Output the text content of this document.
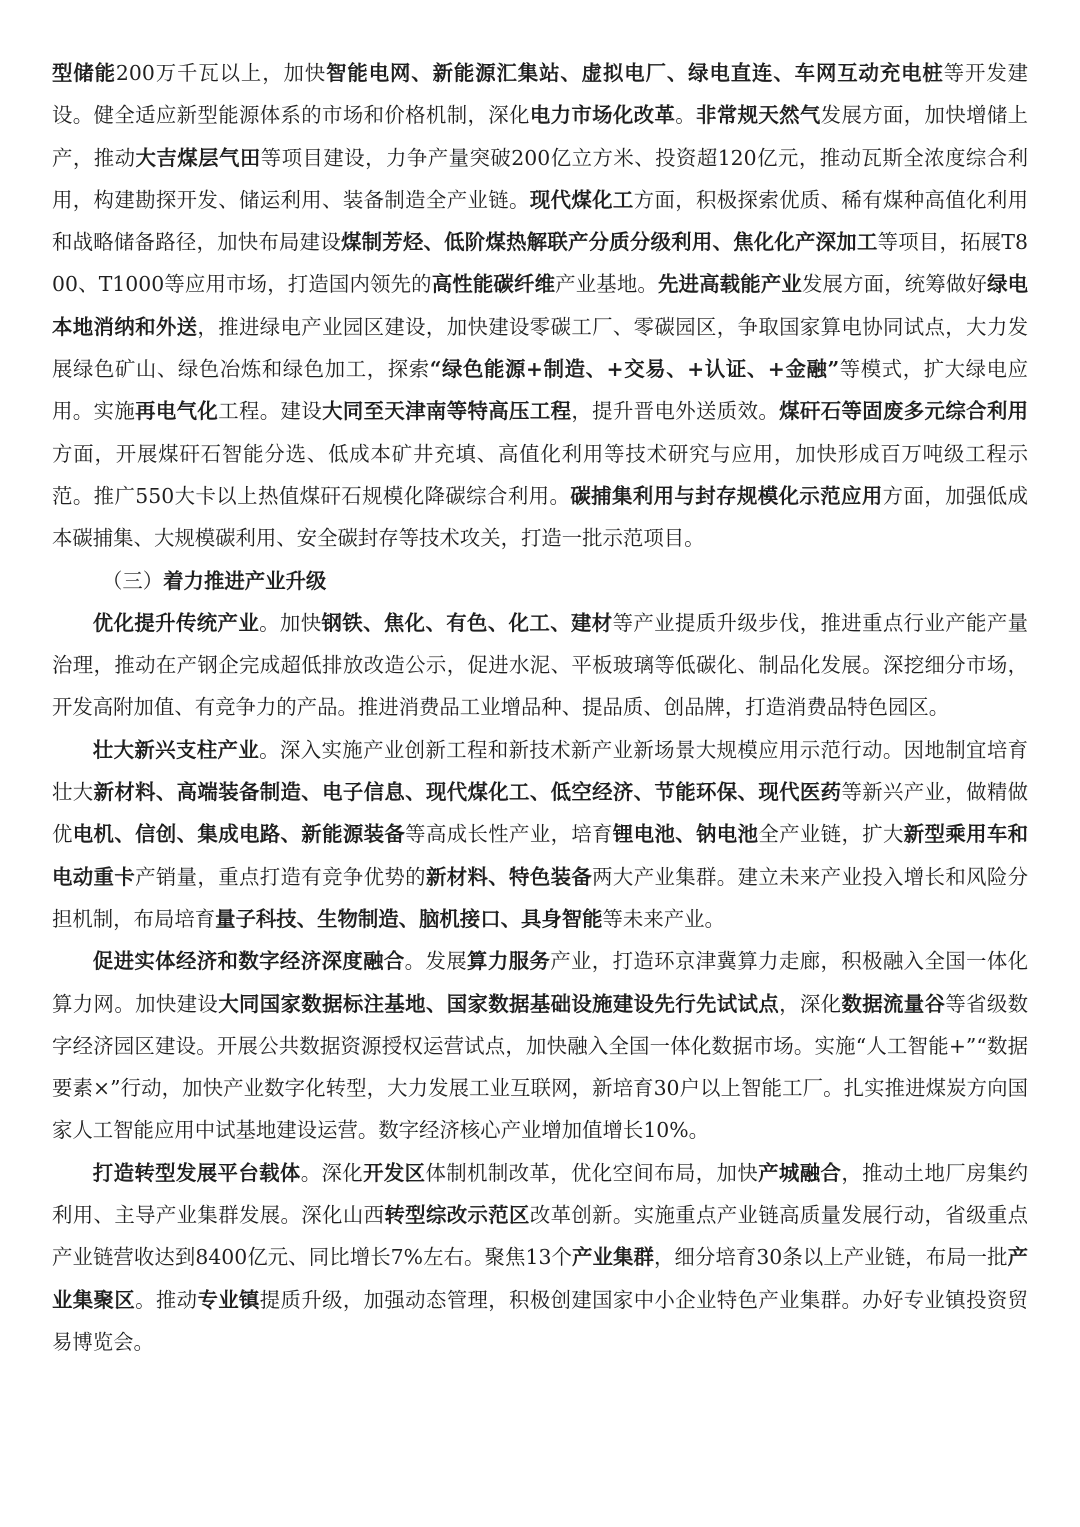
型储能200万千瓦以上，加快智能电网、新能源汇集站、虚拟电厂、绿电直连、车网互动充电桩等开发建设。健全适应新型能源体系的市场和价格机制，深化电力市场化改革。非常规天然气发展方面，加快增储上产，推动大吉煤层气田等项目建设，力争产量突破200亿立方米、投资超120亿元，推动瓦斯全浓度综合利用，构建勘探开发、储运利用、装备制造全产业链。现代煤化工方面，积极探索优质、稀有煤种高值化利用和战略储备路径，加快布局建设煤制芳烃、低阶煤热解联产分质分级利用、焦化化产深加工等项目，拓展T800、T1000等应用市场，打造国内领先的高性能碳纤维产业基地。先进高载能产业发展方面，统筹做好绿电本地消纳和外送，推进绿电产业园区建设，加快建设零碳工厂、零碳园区，争取国家算电协同试点，大力发展绿色矿山、绿色冶炼和绿色加工，探索“绿色能源+制造、+交易、+认证、+金融”等模式，扩大绿电应用。实施再电气化工程。建设大同至天津南等特高压工程，提升晋电外送质效。煤矸石等固废多元综合利用方面，开展煤矸石智能分选、低成本矿井充填、高值化利用等技术研究与应用，加快形成百万吨级工程示范。推广550大卡以上热值煤矸石规模化降碳综合利用。碳捕集利用与封存规模化示范应用方面，加强低成本碳捕集、大规模碳利用、安全碳封存等技术攻关，打造一批示范项目。

（三）着力推进产业升级

优化提升传统产业。加快钢铁、焦化、有色、化工、建材等产业提质升级步伐，推进重点行业产能产量治理，推动在产钢企完成超低排放改造公示，促进水泥、平板玻璃等低碳化、制品化发展。深挖细分市场，开发高附加值、有竞争力的产品。推进消费品工业增品种、提品质、创品牌，打造消费品特色园区。

壮大新兴支柱产业。深入实施产业创新工程和新技术新产业新场景大规模应用示范行动。因地制宜培育壮大新材料、高端装备制造、电子信息、现代煤化工、低空经济、节能环保、现代医药等新兴产业，做精做优电机、信创、集成电路、新能源装备等高成长性产业，培育锂电池、钠电池全产业链，扩大新型乘用车和电动重卡产销量，重点打造有竞争优势的新材料、特色装备两大产业集群。建立未来产业投入增长和风险分担机制，布局培育量子科技、生物制造、脑机接口、具身智能等未来产业。

促进实体经济和数字经济深度融合。发展算力服务产业，打造环京津冀算力走廊，积极融入全国一体化算力网。加快建设大同国家数据标注基地、国家数据基础设施建设先行先试试点，深化数据流量谷等省级数字经济园区建设。开展公共数据资源授权运营试点，加快融入全国一体化数据市场。实施“人工智能+”“数据要素×”行动，加快产业数字化转型，大力发展工业互联网，新培育30户以上智能工厂。扎实推进煤炭方向国家人工智能应用中试基地建设运营。数字经济核心产业增加值增长10%。

打造转型发展平台载体。深化开发区体制机制改革，优化空间布局，加快产城融合，推动土地厂房集约利用、主导产业集群发展。深化山西转型综改示范区改革创新。实施重点产业链高质量发展行动，省级重点产业链营收达到8400亿元、同比增长7%左右。聚焦13个产业集群，细分培育30条以上产业链，布局一批产业集聚区。推动专业镇提质升级，加强动态管理，积极创建国家中小企业特色产业集群。办好专业镇投资贸易博览会。
